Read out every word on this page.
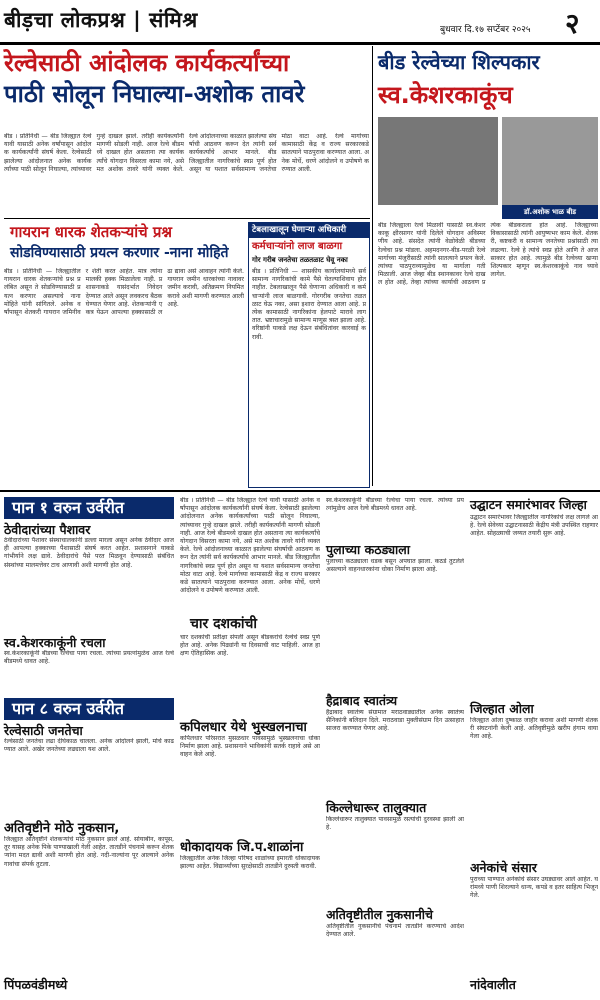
बीड़चा लोकप्रश्न | संमिश्र	बुधवार दि.१७ सप्टेंबर २०२५ २
रेल्वेसाठी आंदोलक कार्यकर्त्यांच्या
पाठी सोलून निघाल्या-अशोक तावरे
बीड । प्रतिनिधी — बीड जिल्ह्यात रेल्वे यावी यासाठी अनेक वर्षांपासून आंदोलक कार्यकर्त्यांनी संघर्ष केला. रेल्वेसाठी झालेल्या आंदोलनात अनेक कार्यकर्त्यांच्या पाठी सोलून निघाल्या, त्यांच्यावर गुन्हे दाखल झाले. तरीही कार्यकर्त्यांनी मागणी सोडली नाही. आज रेल्वे बीडमध्ये दाखल होत असताना त्या कार्यकर्त्यांचे योगदान विसरता कामा नये, असे मत अशोक तावरे यांनी व्यक्त केले. रेल्वे आंदोलनाच्या काळात झालेल्या संघर्षाची आठवण करून देत त्यांनी सर्व कार्यकर्त्यांचे आभार मानले. बीड जिल्ह्यातील नागरिकांचे स्वप्न पूर्ण होत असून या यशात सर्वसामान्य जनतेचा मोठा वाटा आहे. रेल्वे मार्गाच्या कामासाठी केंद्र व राज्य सरकारकडे सातत्याने पाठपुरावा करण्यात आला. अनेक मोर्चे, धरणे आंदोलने व उपोषणे करण्यात आली.
बीड रेल्वेच्या शिल्पकार
स्व.केशरकाकूंच
डॉ.अशोक भाळ बीड
बीड जिल्ह्याला रेल्वे मिळावी यासाठी स्व.केशरकाकू क्षीरसागर यांनी दिलेले योगदान अविस्मरणीय आहे. संसदेत त्यांनी वेळोवेळी बीडच्या रेल्वेचा प्रश्न मांडला. अहमदनगर-बीड-परळी रेल्वे मार्गाच्या मंजुरीसाठी त्यांनी सातत्याने प्रयत्न केले. त्यांच्या पाठपुराव्यामुळेच या मार्गाला गती मिळाली. आज जेव्हा बीड स्थानकावर रेल्वे दाखल होत आहे, तेव्हा त्यांच्या कार्याची आठवण प्रत्येक बीडकराला होत आहे. जिल्ह्याच्या विकासासाठी त्यांनी आयुष्यभर काम केले. शेतकरी, कष्टकरी व सामान्य जनतेच्या प्रश्नांसाठी त्या लढल्या. रेल्वे हे त्यांचे स्वप्न होते आणि ते आज साकार होत आहे. त्यामुळे बीड रेल्वेच्या खऱ्या शिल्पकार म्हणून स्व.केशरकाकूंचे नाव घ्यावे लागेल.
गायरान धारक शेतकऱ्यांचे प्रश्न
सोडविण्यासाठी प्रयत्न करणार -नाना मोहिते
बीड । प्रतिनिधी — जिल्ह्यातील गायरान धारक शेतकऱ्यांचे प्रश्न प्रलंबित असून ते सोडविण्यासाठी प्रयत्न करणार असल्याचे नाना मोहिते यांनी सांगितले. अनेक वर्षांपासून शेतकरी गायरान जमिनीवर शेती करत आहेत. मात्र त्यांना मालकी हक्क मिळालेला नाही. प्रशासनाकडे यासंदर्भात निवेदन देण्यात आले असून लवकरच बैठक घेण्यात येणार आहे. शेतकऱ्यांनी एकत्र येऊन आपल्या हक्कासाठी लढा द्यावा असे आवाहन त्यांनी केले. गायरान जमीन धारकांच्या नावावर जमीन करावी, अतिक्रमण नियमित करावे अशी मागणी करण्यात आली आहे.
टेबलाखालून घेणाऱ्या अधिकारी
कर्मचाऱ्यांनो लाज बाळगा
गोर गरीब जनतेचा तळतळाट घेवू नका
बीड । प्रतिनिधी — शासकीय कार्यालयांमध्ये सर्वसामान्य नागरिकांची कामे पैसे घेतल्याशिवाय होत नाहीत. टेबलाखालून पैसे घेणाऱ्या अधिकारी व कर्मचाऱ्यांनी लाज बाळगावी. गोरगरीब जनतेचा तळतळाट घेऊ नका, असा इशारा देण्यात आला आहे. प्रत्येक कामासाठी नागरिकांना हेलपाटे मारावे लागतात. भ्रष्टाचारामुळे सामान्य माणूस त्रस्त झाला आहे. वरिष्ठांनी याकडे लक्ष देऊन संबंधितांवर कारवाई करावी.
पान १ वरुन उर्वरीत
ठेवीदारांच्या पैशावर
ठेवीदारांच्या पैशावर संस्थाचालकांनी डल्ला मारला असून अनेक ठेवीदार आजही आपल्या हक्काच्या पैशासाठी संघर्ष करत आहेत. प्रशासनाने याकडे गांभीर्याने लक्ष द्यावे. ठेवीदारांचे पैसे परत मिळवून देण्यासाठी संबंधित संस्थांच्या मालमत्तेवर टाच आणावी अशी मागणी होत आहे.
स्व.केशरकाकूंनी रचला
स्व.केशरकाकूंनी बीडच्या रेल्वेचा पाया रचला. त्यांच्या प्रयत्नांमुळेच आज रेल्वे बीडमध्ये धावत आहे.
पान ८ वरुन उर्वरीत
रेल्वेसाठी जनतेचा
रेल्वेसाठी जनतेचा लढा दीर्घकाळ चालला. अनेक आंदोलने झाली, मोर्चे काढण्यात आले. अखेर जनतेच्या लढ्याला यश आले.
अतिवृष्टीने मोठे नुकसान,
जिल्ह्यात अतिवृष्टीने शेतकऱ्यांचे मोठे नुकसान झाले आहे. सोयाबीन, कापूस, तूर यासह अनेक पिके पाण्याखाली गेली आहेत. तातडीने पंचनामे करून शेतकऱ्यांना मदत द्यावी अशी मागणी होत आहे. नदी-नाल्यांना पूर आल्याने अनेक गावांचा संपर्क तुटला.
पिंपळवंडीमध्ये
बीड । प्रतिनिधी — बीड जिल्ह्यात रेल्वे यावी यासाठी अनेक वर्षांपासून आंदोलक कार्यकर्त्यांनी संघर्ष केला. रेल्वेसाठी झालेल्या आंदोलनात अनेक कार्यकर्त्यांच्या पाठी सोलून निघाल्या, त्यांच्यावर गुन्हे दाखल झाले. तरीही कार्यकर्त्यांनी मागणी सोडली नाही. आज रेल्वे बीडमध्ये दाखल होत असताना त्या कार्यकर्त्यांचे योगदान विसरता कामा नये, असे मत अशोक तावरे यांनी व्यक्त केले. रेल्वे आंदोलनाच्या काळात झालेल्या संघर्षाची आठवण करून देत त्यांनी सर्व कार्यकर्त्यांचे आभार मानले. बीड जिल्ह्यातील नागरिकांचे स्वप्न पूर्ण होत असून या यशात सर्वसामान्य जनतेचा मोठा वाटा आहे. रेल्वे मार्गाच्या कामासाठी केंद्र व राज्य सरकारकडे सातत्याने पाठपुरावा करण्यात आला. अनेक मोर्चे, धरणे आंदोलने व उपोषणे करण्यात आली.
चार दशकांची
चार दशकांची प्रतीक्षा संपली असून बीडकरांचे रेल्वेचे स्वप्न पूर्ण होत आहे. अनेक पिढ्यांनी या दिवसाची वाट पाहिली. आज हा क्षण ऐतिहासिक आहे.
कपिलधार येथे भुस्खलनाचा
कपिलधार परिसरात मुसळधार पावसामुळे भुस्खलनाचा धोका निर्माण झाला आहे. प्रशासनाने भाविकांनी सतर्क राहावे असे आवाहन केले आहे.
धोकादायक जि.प.शाळांना
जिल्ह्यातील अनेक जिल्हा परिषद शाळांच्या इमारती धोकादायक झाल्या आहेत. विद्यार्थ्यांच्या सुरक्षेसाठी तातडीने दुरुस्ती करावी.
स्व.केशरकाकूंनी बीडच्या रेल्वेचा पाया रचला. त्यांच्या प्रयत्नांमुळेच आज रेल्वे बीडमध्ये धावत आहे.
पुलाच्या कठड्याला
पुलाच्या कठड्याला धडक बसून अपघात झाला. कठडे तुटलेले असल्याने वाहनधारकांना धोका निर्माण झाला आहे.
हैद्राबाद स्वातंत्र्य
हैद्राबाद स्वातंत्र्य संग्रामात मराठवाड्यातील अनेक स्वातंत्र्यसैनिकांनी बलिदान दिले. मराठवाडा मुक्तीसंग्राम दिन उत्साहात साजरा करण्यात येणार आहे.
किल्लेधारूर तालुक्यात
किल्लेधारूर तालुक्यात पावसामुळे रस्त्यांची दुरवस्था झाली आहे.
अतिवृष्टीतील नुकसानीचे
अतिवृष्टीतील नुकसानीचे पंचनामे तातडीने करण्याचे आदेश देण्यात आले.
उद्घाटन समारंभावर जिल्हा
उद्घाटन समारंभावर जिल्ह्यातील नागरिकांचे लक्ष लागले आहे. रेल्वे सेवेच्या उद्घाटनासाठी केंद्रीय मंत्री उपस्थित राहणार आहेत. सोहळ्याची जय्यत तयारी सुरू आहे.
जिल्हात ओला
जिल्ह्यात ओला दुष्काळ जाहीर करावा अशी मागणी शेतकरी संघटनांनी केली आहे. अतिवृष्टीमुळे खरीप हंगाम वाया गेला आहे.
अनेकांचे संसार
पुराच्या पाण्यात अनेकांचे संसार उघड्यावर आले आहेत. घरांमध्ये पाणी शिरल्याने धान्य, कपडे व इतर साहित्य भिजून गेले.
नांदेवालीत
